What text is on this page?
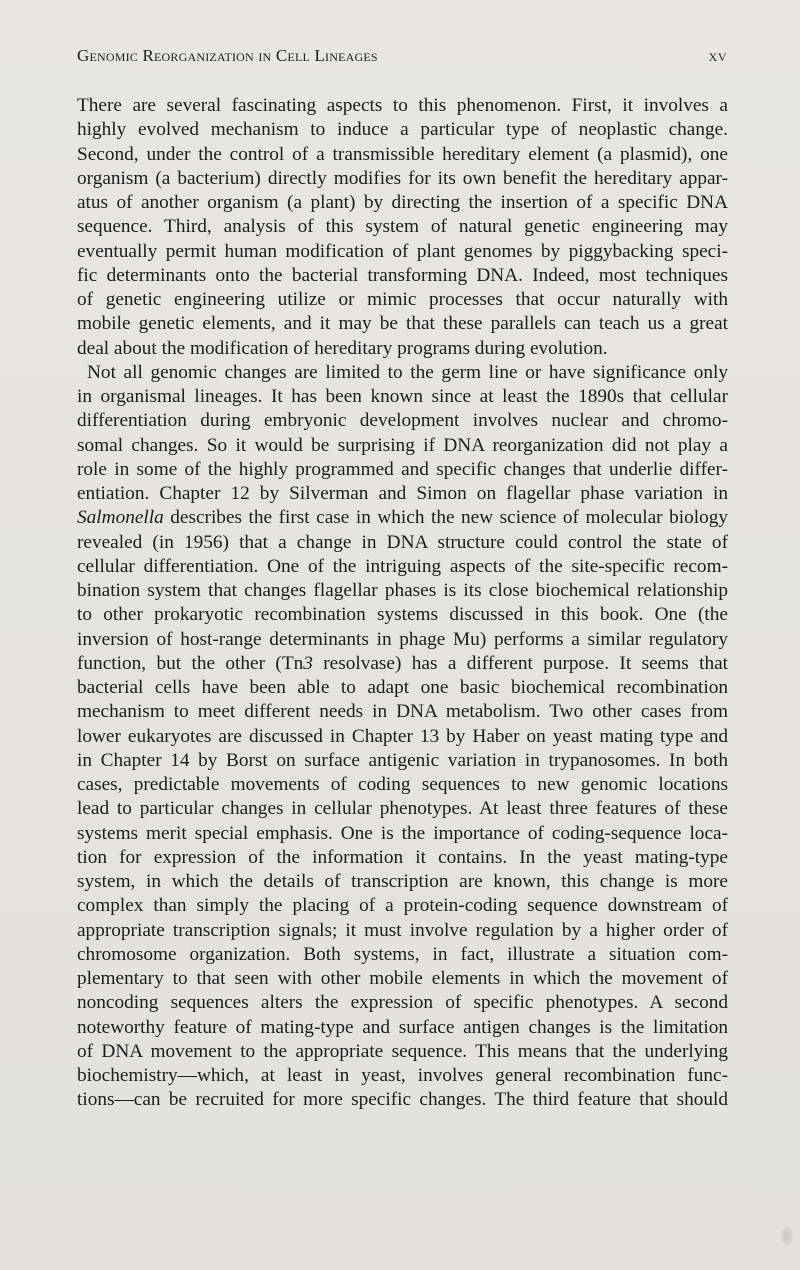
Genomic Reorganization in Cell Lineages	xv
There are several fascinating aspects to this phenomenon. First, it involves a
highly evolved mechanism to induce a particular type of neoplastic change.
Second, under the control of a transmissible hereditary element (a plasmid), one
organism (a bacterium) directly modifies for its own benefit the hereditary appar-
atus of another organism (a plant) by directing the insertion of a specific DNA
sequence. Third, analysis of this system of natural genetic engineering may
eventually permit human modification of plant genomes by piggybacking speci-
fic determinants onto the bacterial transforming DNA. Indeed, most techniques
of genetic engineering utilize or mimic processes that occur naturally with
mobile genetic elements, and it may be that these parallels can teach us a great
deal about the modification of hereditary programs during evolution.
Not all genomic changes are limited to the germ line or have significance only
in organismal lineages. It has been known since at least the 1890s that cellular
differentiation during embryonic development involves nuclear and chromo-
somal changes. So it would be surprising if DNA reorganization did not play a
role in some of the highly programmed and specific changes that underlie differ-
entiation. Chapter 12 by Silverman and Simon on flagellar phase variation in
Salmonella describes the first case in which the new science of molecular biology
revealed (in 1956) that a change in DNA structure could control the state of
cellular differentiation. One of the intriguing aspects of the site-specific recom-
bination system that changes flagellar phases is its close biochemical relationship
to other prokaryotic recombination systems discussed in this book. One (the
inversion of host-range determinants in phage Mu) performs a similar regulatory
function, but the other (Tn3 resolvase) has a different purpose. It seems that
bacterial cells have been able to adapt one basic biochemical recombination
mechanism to meet different needs in DNA metabolism. Two other cases from
lower eukaryotes are discussed in Chapter 13 by Haber on yeast mating type and
in Chapter 14 by Borst on surface antigenic variation in trypanosomes. In both
cases, predictable movements of coding sequences to new genomic locations
lead to particular changes in cellular phenotypes. At least three features of these
systems merit special emphasis. One is the importance of coding-sequence loca-
tion for expression of the information it contains. In the yeast mating-type
system, in which the details of transcription are known, this change is more
complex than simply the placing of a protein-coding sequence downstream of
appropriate transcription signals; it must involve regulation by a higher order of
chromosome organization. Both systems, in fact, illustrate a situation com-
plementary to that seen with other mobile elements in which the movement of
noncoding sequences alters the expression of specific phenotypes. A second
noteworthy feature of mating-type and surface antigen changes is the limitation
of DNA movement to the appropriate sequence. This means that the underlying
biochemistry—which, at least in yeast, involves general recombination func-
tions—can be recruited for more specific changes. The third feature that should
